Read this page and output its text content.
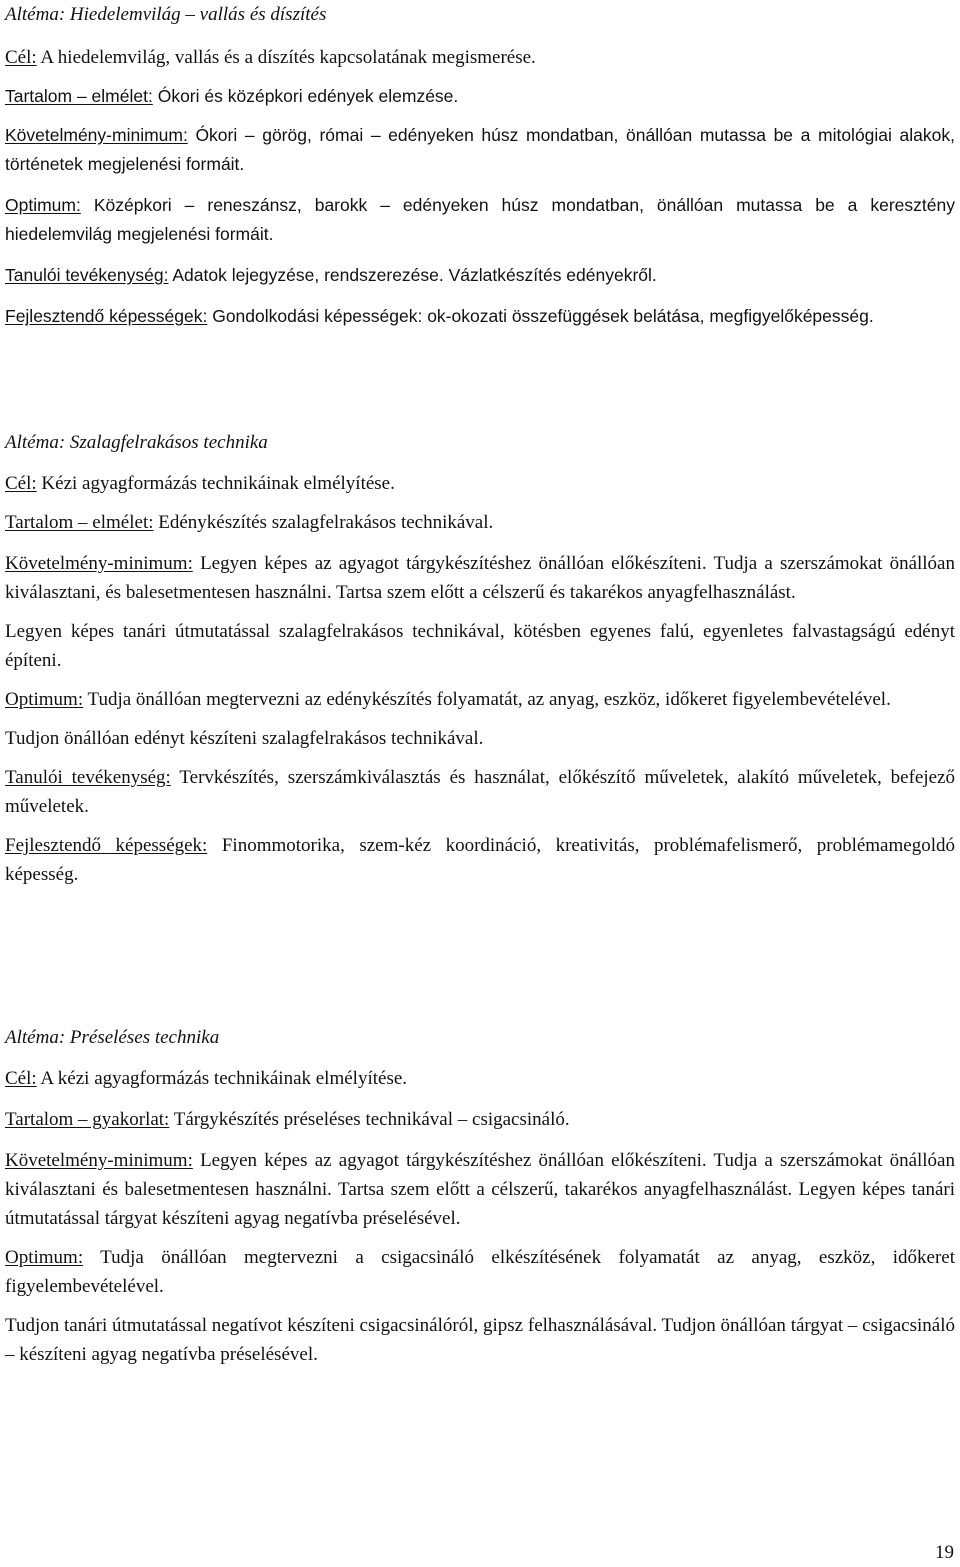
Altéma: Hiedelemvilág – vallás és díszítés

Cél: A hiedelemvilág, vallás és a díszítés kapcsolatának megismerése.

Tartalom – elmélet: Ókori és középkori edények elemzése.

Követelmény-minimum: Ókori – görög, római – edényeken húsz mondatban, önállóan mutassa be a mitológiai alakok, történetek megjelenési formáit.

Optimum: Középkori – reneszánsz, barokk – edényeken húsz mondatban, önállóan mutassa be a keresztény hiedelemvilág megjelenési formáit.

Tanulói tevékenység: Adatok lejegyzése, rendszerezése. Vázlatkészítés edényekről.

Fejlesztendő képességek: Gondolkodási képességek: ok-okozati összefüggések belátása, megfigyelőképesség.

Altéma: Szalagfelrakásos technika

Cél: Kézi agyagformázás technikáinak elmélyítése.

Tartalom – elmélet: Edénykészítés szalagfelrakásos technikával.

Követelmény-minimum: Legyen képes az agyagot tárgykészítéshez önállóan előkészíteni. Tudja a szerszámokat önállóan kiválasztani, és balesetmentesen használni. Tartsa szem előtt a célszerű és takarékos anyagfelhasználást.

Legyen képes tanári útmutatással szalagfelrakásos technikával, kötésben egyenes falú, egyenletes falvastagságú edényt építeni.

Optimum: Tudja önállóan megtervezni az edénykészítés folyamatát, az anyag, eszköz, időkeret figyelembevételével.

Tudjon önállóan edényt készíteni szalagfelrakásos technikával.

Tanulói tevékenység: Tervkészítés, szerszámkiválasztás és használat, előkészítő műveletek, alakító műveletek, befejező műveletek.

Fejlesztendő képességek: Finommotorika, szem-kéz koordináció, kreativitás, problémafelismerő, problémamegoldó képesség.

Altéma: Préseléses technika

Cél: A kézi agyagformázás technikáinak elmélyítése.

Tartalom – gyakorlat: Tárgykészítés préseléses technikával – csigacsináló.

Követelmény-minimum: Legyen képes az agyagot tárgykészítéshez önállóan előkészíteni. Tudja a szerszámokat önállóan kiválasztani és balesetmentesen használni. Tartsa szem előtt a célszerű, takarékos anyagfelhasználást. Legyen képes tanári útmutatással tárgyat készíteni agyag negatívba préselésével.

Optimum: Tudja önállóan megtervezni a csigacsináló elkészítésének folyamatát az anyag, eszköz, időkeret figyelembevételével.

Tudjon tanári útmutatással negatívot készíteni csigacsinálóról, gipsz felhasználásával. Tudjon önállóan tárgyat – csigacsináló – készíteni agyag negatívba préselésével.

19
